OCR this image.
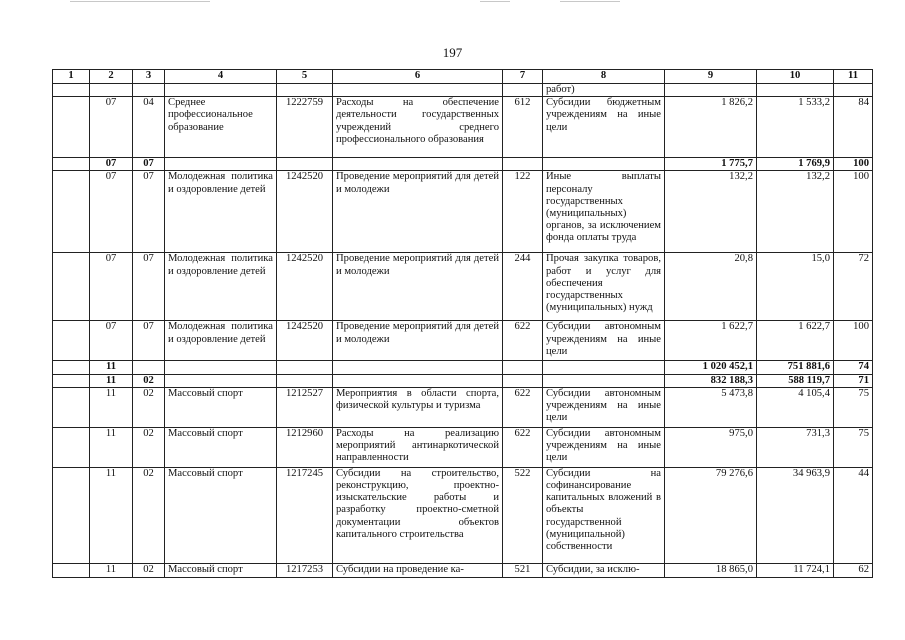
197
1	2	3	4	5	6	7	8	9	10	11
							работ)			
	07	04	Среднее профессиональное образование	1222759	Расходы на обеспечение деятельности государственных учреждений среднего профессионального образования	612	Субсидии бюджетным учреждениям на иные цели	1 826,2	1 533,2	84
	07	07						1 775,7	1 769,9	100
	07	07	Молодежная политика и оздоровление детей	1242520	Проведение мероприятий для детей и молодежи	122	Иные выплаты персоналу государственных (муниципальных) органов, за исключением фонда оплаты труда	132,2	132,2	100
	07	07	Молодежная политика и оздоровление детей	1242520	Проведение мероприятий для детей и молодежи	244	Прочая закупка товаров, работ и услуг для обеспечения государственных (муниципальных) нужд	20,8	15,0	72
	07	07	Молодежная политика и оздоровление детей	1242520	Проведение мероприятий для детей и молодежи	622	Субсидии автономным учреждениям на иные цели	1 622,7	1 622,7	100
	11							1 020 452,1	751 881,6	74
	11	02						832 188,3	588 119,7	71
	11	02	Массовый спорт	1212527	Мероприятия в области спорта, физической культуры и туризма	622	Субсидии автономным учреждениям на иные цели	5 473,8	4 105,4	75
	11	02	Массовый спорт	1212960	Расходы на реализацию мероприятий антинаркотической направленности	622	Субсидии автономным учреждениям на иные цели	975,0	731,3	75
	11	02	Массовый спорт	1217245	Субсидии на строительство, реконструкцию, проектно-изыскательские работы и разработку проектно-сметной документации объектов капитального строительства	522	Субсидии на софинансирование капитальных вложений в объекты государственной (муниципальной) собственности	79 276,6	34 963,9	44
	11	02	Массовый спорт	1217253	Субсидии на проведение ка-	521	Субсидии, за исклю-	18 865,0	11 724,1	62
